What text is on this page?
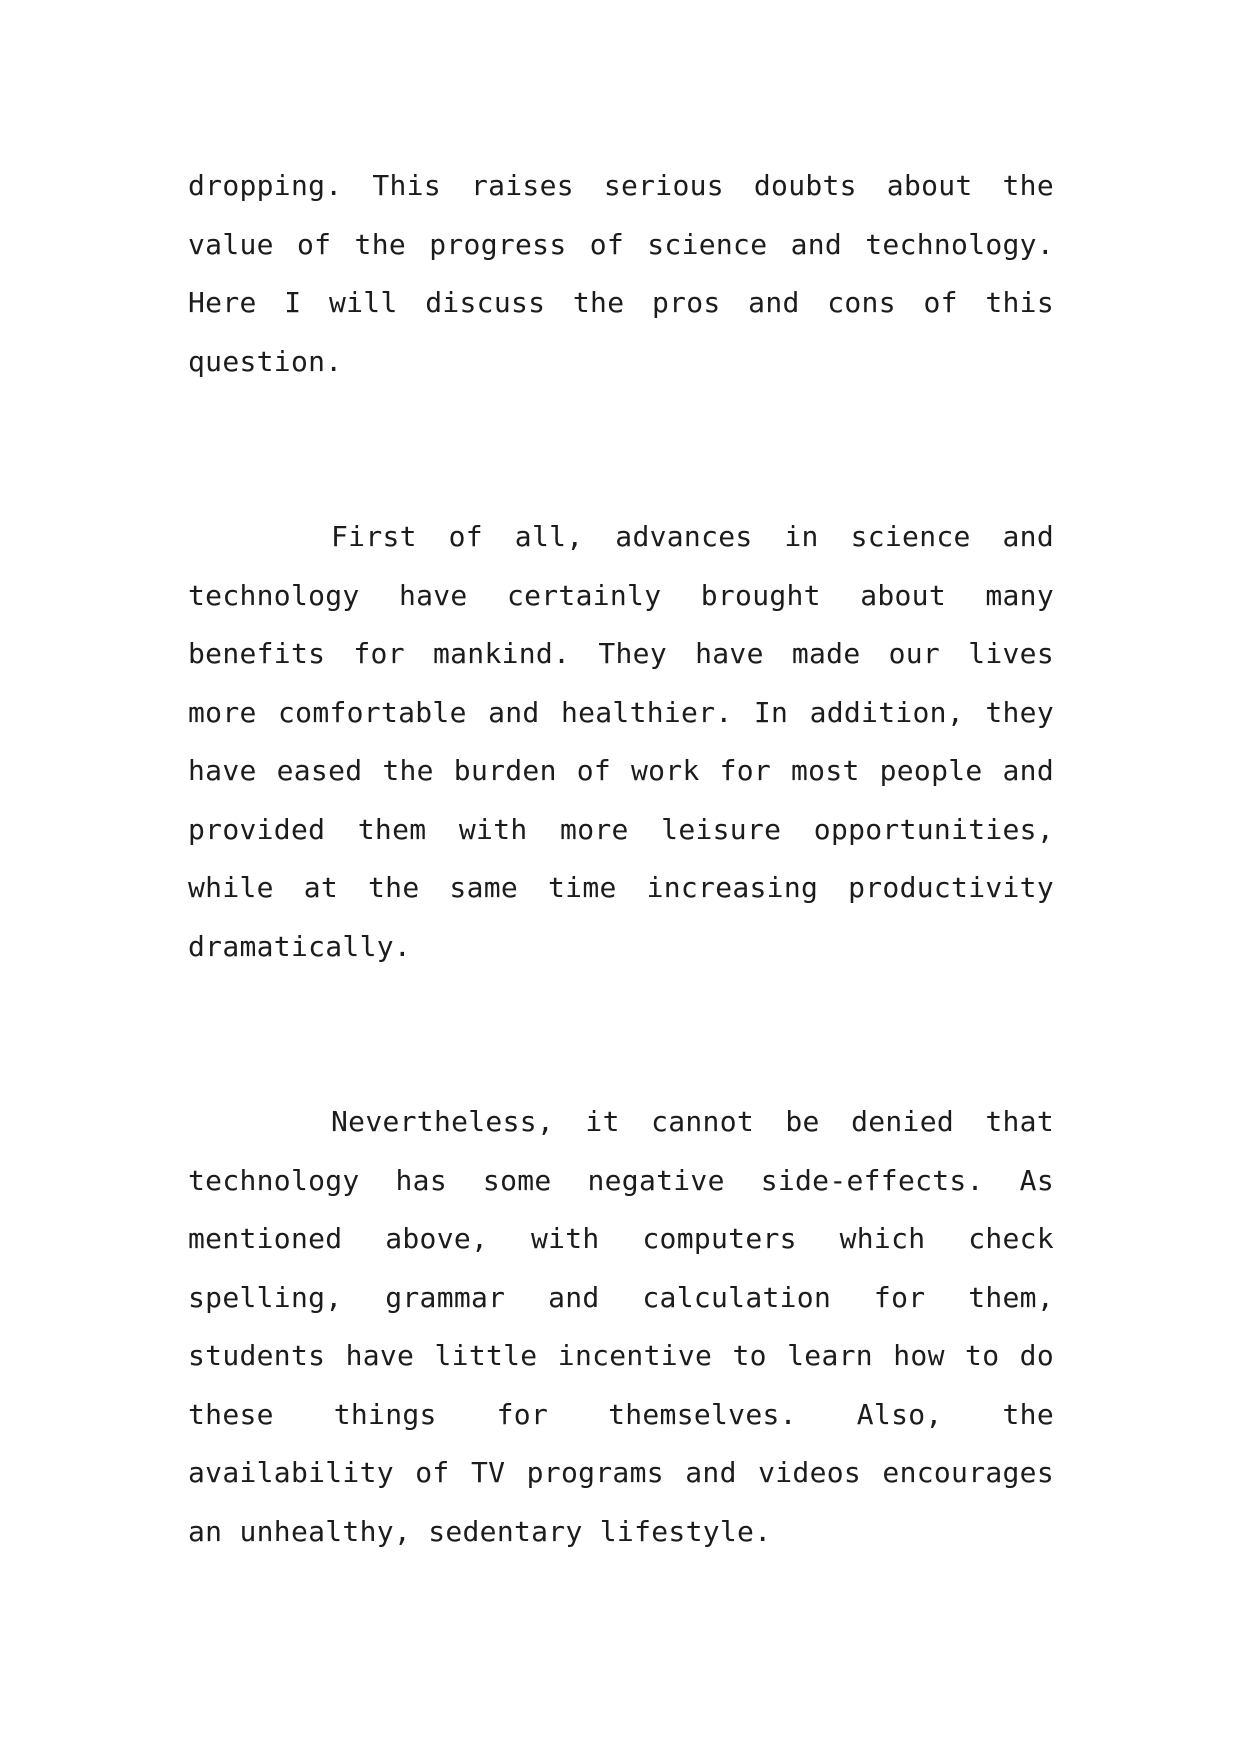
dropping. This raises serious doubts about the value of the progress of science and technology. Here I will discuss the pros and cons of this question.

First of all, advances in science and technology have certainly brought about many benefits for mankind. They have made our lives more comfortable and healthier. In addition, they have eased the burden of work for most people and provided them with more leisure opportunities, while at the same time increasing productivity dramatically.

Nevertheless, it cannot be denied that technology has some negative side-effects. As mentioned above, with computers which check spelling, grammar and calculation for them, students have little incentive to learn how to do these things for themselves. Also, the availability of TV programs and videos encourages an unhealthy, sedentary lifestyle.
